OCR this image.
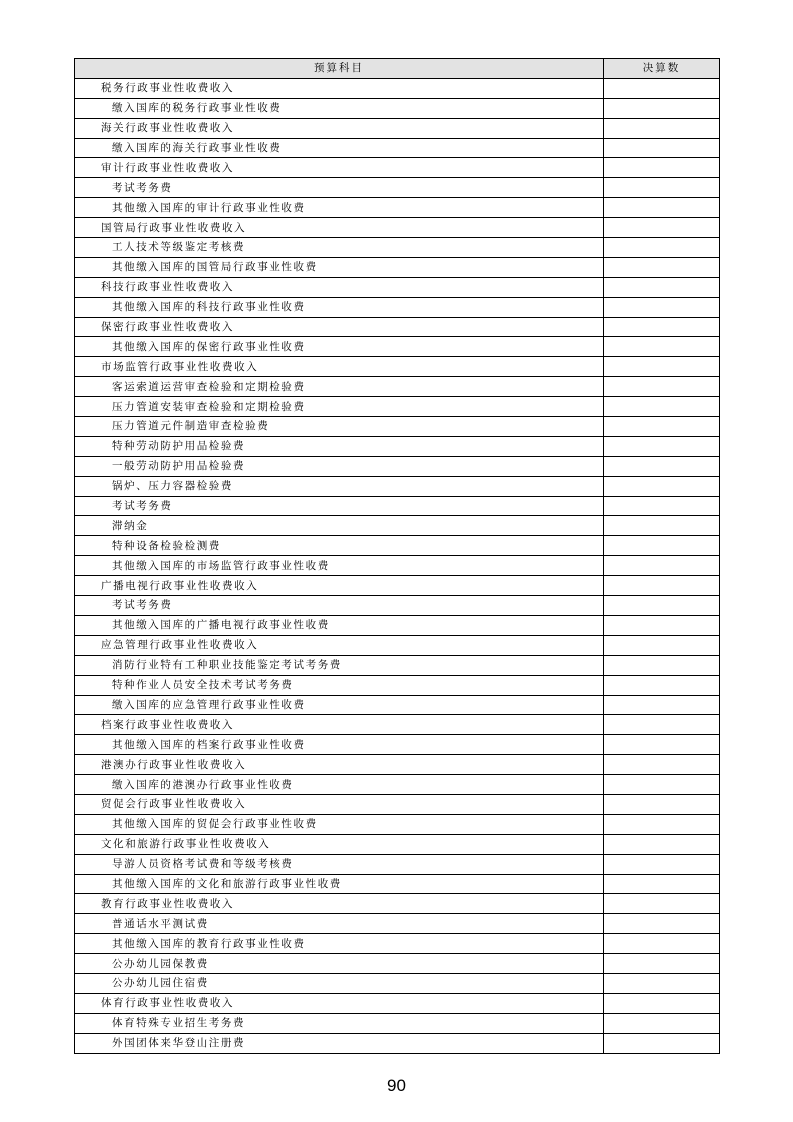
预算科目	决算数
税务行政事业性收费收入	
缴入国库的税务行政事业性收费	
海关行政事业性收费收入	
缴入国库的海关行政事业性收费	
审计行政事业性收费收入	
考试考务费	
其他缴入国库的审计行政事业性收费	
国管局行政事业性收费收入	
工人技术等级鉴定考核费	
其他缴入国库的国管局行政事业性收费	
科技行政事业性收费收入	
其他缴入国库的科技行政事业性收费	
保密行政事业性收费收入	
其他缴入国库的保密行政事业性收费	
市场监管行政事业性收费收入	
客运索道运营审查检验和定期检验费	
压力管道安装审查检验和定期检验费	
压力管道元件制造审查检验费	
特种劳动防护用品检验费	
一般劳动防护用品检验费	
锅炉、压力容器检验费	
考试考务费	
滞纳金	
特种设备检验检测费	
其他缴入国库的市场监管行政事业性收费	
广播电视行政事业性收费收入	
考试考务费	
其他缴入国库的广播电视行政事业性收费	
应急管理行政事业性收费收入	
消防行业特有工种职业技能鉴定考试考务费	
特种作业人员安全技术考试考务费	
缴入国库的应急管理行政事业性收费	
档案行政事业性收费收入	
其他缴入国库的档案行政事业性收费	
港澳办行政事业性收费收入	
缴入国库的港澳办行政事业性收费	
贸促会行政事业性收费收入	
其他缴入国库的贸促会行政事业性收费	
文化和旅游行政事业性收费收入	
导游人员资格考试费和等级考核费	
其他缴入国库的文化和旅游行政事业性收费	
教育行政事业性收费收入	
普通话水平测试费	
其他缴入国库的教育行政事业性收费	
公办幼儿园保教费	
公办幼儿园住宿费	
体育行政事业性收费收入	
体育特殊专业招生考务费	
外国团体来华登山注册费	
90
